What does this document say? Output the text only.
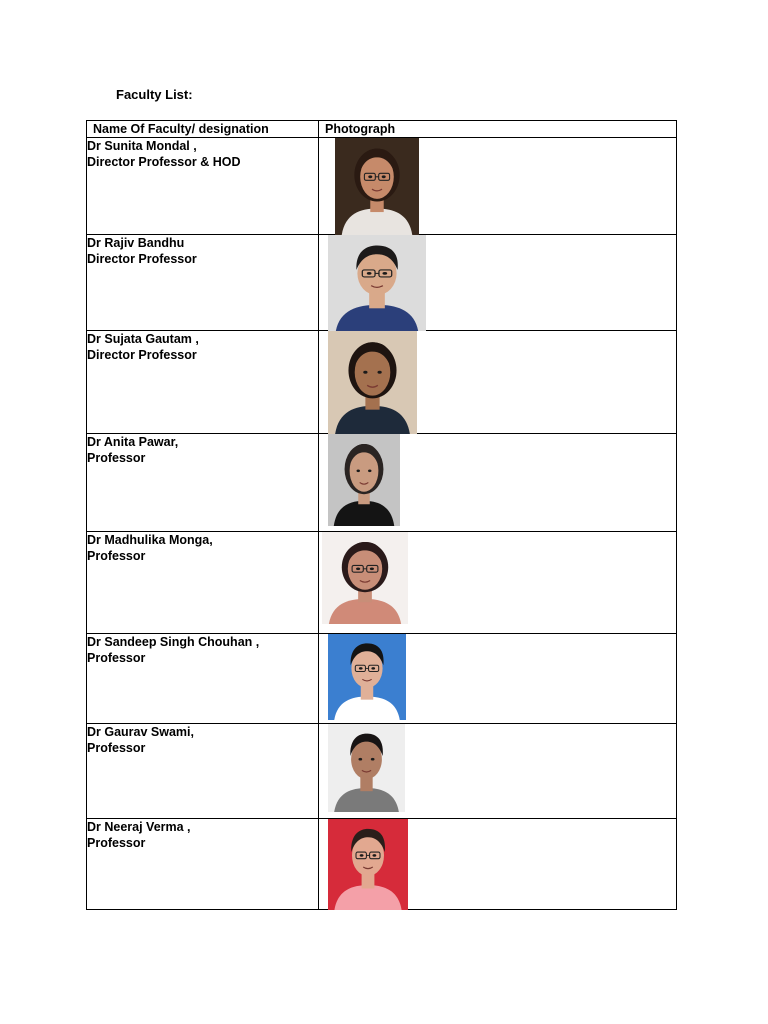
Faculty List:
Name Of Faculty/ designation	Photograph

Dr Sunita Mondal ,
Director Professor & HOD

Dr Rajiv Bandhu
Director Professor

Dr Sujata Gautam ,
Director Professor

Dr Anita Pawar,
Professor

Dr Madhulika Monga,
Professor

Dr Sandeep Singh Chouhan ,
Professor

Dr Gaurav Swami,
Professor

Dr Neeraj Verma ,
Professor
